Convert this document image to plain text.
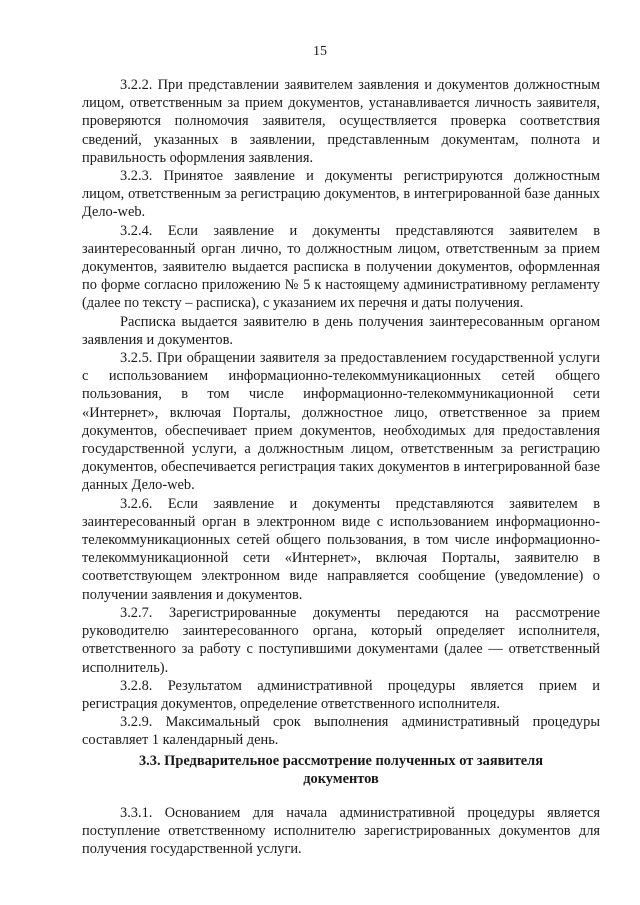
15

3.2.2. При представлении заявителем заявления и документов должностным лицом, ответственным за прием документов, устанавливается личность заявителя, проверяются полномочия заявителя, осуществляется проверка соответствия сведений, указанных в заявлении, представленным документам, полнота и правильность оформления заявления.

3.2.3. Принятое заявление и документы регистрируются должностным лицом, ответственным за регистрацию документов, в интегрированной базе данных Дело-web.

3.2.4. Если заявление и документы представляются заявителем в заинтересованный орган лично, то должностным лицом, ответственным за прием документов, заявителю выдается расписка в получении документов, оформленная по форме согласно приложению № 5 к настоящему административному регламенту (далее по тексту – расписка), с указанием их перечня и даты получения.

Расписка выдается заявителю в день получения заинтересованным органом заявления и документов.

3.2.5. При обращении заявителя за предоставлением государственной услуги с использованием информационно-телекоммуникационных сетей общего пользования, в том числе информационно-телекоммуникационной сети «Интернет», включая Порталы, должностное лицо, ответственное за прием документов, обеспечивает прием документов, необходимых для предоставления государственной услуги, а должностным лицом, ответственным за регистрацию документов, обеспечивается регистрация таких документов в интегрированной базе данных Дело-web.

3.2.6. Если заявление и документы представляются заявителем в заинтересованный орган в электронном виде с использованием информационно-телекоммуникационных сетей общего пользования, в том числе информационно-телекоммуникационной сети «Интернет», включая Порталы, заявителю в соответствующем электронном виде направляется сообщение (уведомление) о получении заявления и документов.

3.2.7. Зарегистрированные документы передаются на рассмотрение руководителю заинтересованного органа, который определяет исполнителя, ответственного за работу с поступившими документами (далее — ответственный исполнитель).

3.2.8. Результатом административной процедуры является прием и регистрация документов, определение ответственного исполнителя.

3.2.9. Максимальный срок выполнения административный процедуры составляет 1 календарный день.

3.3. Предварительное рассмотрение полученных от заявителя
документов

3.3.1. Основанием для начала административной процедуры является поступление ответственному исполнителю зарегистрированных документов для получения государственной услуги.
